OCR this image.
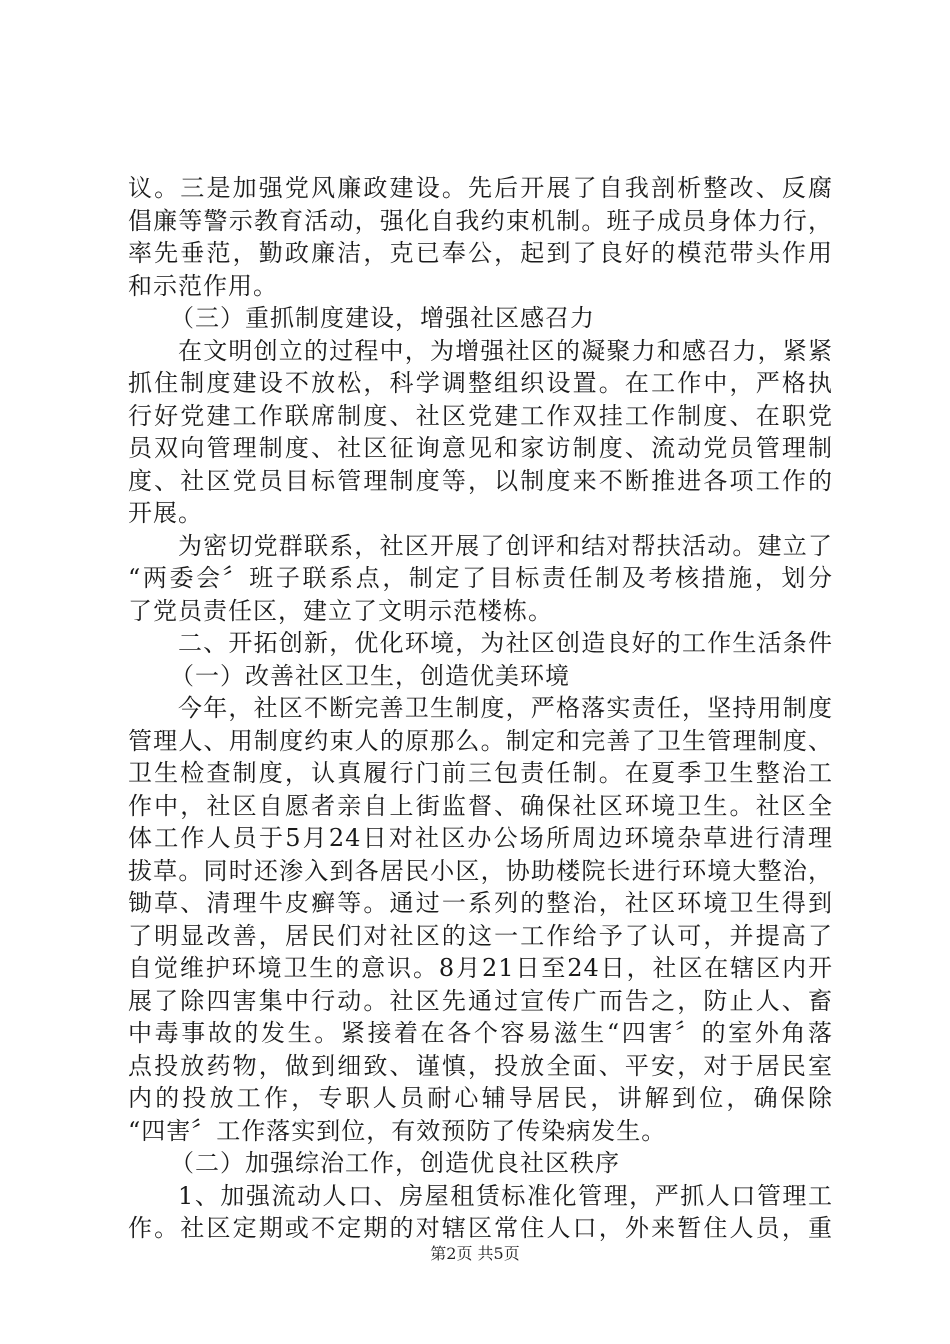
议。三是加强党风廉政建设。先后开展了自我剖析整改、反腐
倡廉等警示教育活动，强化自我约束机制。班子成员身体力行，
率先垂范，勤政廉洁，克已奉公，起到了良好的模范带头作用
和示范作用。
（三）重抓制度建设，增强社区感召力
在文明创立的过程中，为增强社区的凝聚力和感召力，紧紧
抓住制度建设不放松，科学调整组织设置。在工作中，严格执
行好党建工作联席制度、社区党建工作双挂工作制度、在职党
员双向管理制度、社区征询意见和家访制度、流动党员管理制
度、社区党员目标管理制度等，以制度来不断推进各项工作的
开展。
为密切党群联系，社区开展了创评和结对帮扶活动。建立了
“两委会〞班子联系点，制定了目标责任制及考核措施，划分
了党员责任区，建立了文明示范楼栋。
二、开拓创新，优化环境，为社区创造良好的工作生活条件
（一）改善社区卫生，创造优美环境
今年，社区不断完善卫生制度，严格落实责任，坚持用制度
管理人、用制度约束人的原那么。制定和完善了卫生管理制度、
卫生检查制度，认真履行门前三包责任制。在夏季卫生整治工
作中，社区自愿者亲自上街监督、确保社区环境卫生。社区全
体工作人员于5月24日对社区办公场所周边环境杂草进行清理
拔草。同时还渗入到各居民小区，协助楼院长进行环境大整治，
锄草、清理牛皮癣等。通过一系列的整治，社区环境卫生得到
了明显改善，居民们对社区的这一工作给予了认可，并提高了
自觉维护环境卫生的意识。8月21日至24日，社区在辖区内开
展了除四害集中行动。社区先通过宣传广而告之，防止人、畜
中毒事故的发生。紧接着在各个容易滋生“四害〞的室外角落
点投放药物，做到细致、谨慎，投放全面、平安，对于居民室
内的投放工作，专职人员耐心辅导居民，讲解到位，确保除
“四害〞工作落实到位，有效预防了传染病发生。
（二）加强综治工作，创造优良社区秩序
1、加强流动人口、房屋租赁标准化管理，严抓人口管理工
作。社区定期或不定期的对辖区常住人口，外来暂住人员，重
第2页 共5页
